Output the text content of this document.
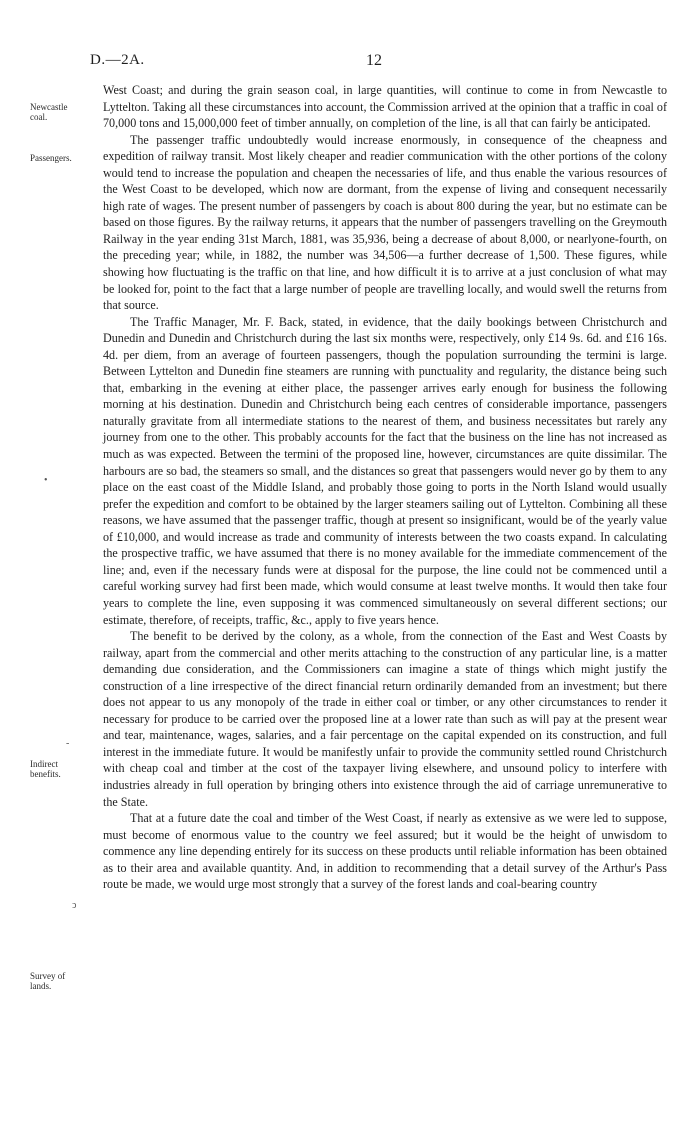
D.—2A.	12
Newcastle coal.
Passengers.
Indirect benefits.
Survey of lands.
•
-
ↄ

West Coast; and during the grain season coal, in large quantities, will continue to come in from Newcastle to Lyttelton. Taking all these circumstances into account, the Commission arrived at the opinion that a traffic in coal of 70,000 tons and 15,000,000 feet of timber annually, on completion of the line, is all that can fairly be anticipated.

The passenger traffic undoubtedly would increase enormously, in consequence of the cheapness and expedition of railway transit. Most likely cheaper and readier communication with the other portions of the colony would tend to increase the population and cheapen the necessaries of life, and thus enable the various resources of the West Coast to be developed, which now are dormant, from the expense of living and consequent necessarily high rate of wages. The present number of passengers by coach is about 800 during the year, but no estimate can be based on those figures. By the railway returns, it appears that the number of passengers travelling on the Greymouth Railway in the year ending 31st March, 1881, was 35,936, being a decrease of about 8,000, or nearlyone-fourth, on the preceding year; while, in 1882, the number was 34,506—a further decrease of 1,500. These figures, while showing how fluctuating is the traffic on that line, and how difficult it is to arrive at a just conclusion of what may be looked for, point to the fact that a large number of people are travelling locally, and would swell the returns from that source.

The Traffic Manager, Mr. F. Back, stated, in evidence, that the daily bookings between Christchurch and Dunedin and Dunedin and Christchurch during the last six months were, respectively, only £14 9s. 6d. and £16 16s. 4d. per diem, from an average of fourteen passengers, though the population surrounding the termini is large. Between Lyttelton and Dunedin fine steamers are running with punctuality and regularity, the distance being such that, embarking in the evening at either place, the passenger arrives early enough for business the following morning at his destination. Dunedin and Christchurch being each centres of considerable importance, passengers naturally gravitate from all intermediate stations to the nearest of them, and business necessitates but rarely any journey from one to the other. This probably accounts for the fact that the business on the line has not increased as much as was expected. Between the termini of the proposed line, however, circumstances are quite dissimilar. The harbours are so bad, the steamers so small, and the distances so great that passengers would never go by them to any place on the east coast of the Middle Island, and probably those going to ports in the North Island would usually prefer the expedition and comfort to be obtained by the larger steamers sailing out of Lyttelton. Combining all these reasons, we have assumed that the passenger traffic, though at present so insignificant, would be of the yearly value of £10,000, and would increase as trade and community of interests between the two coasts expand. In calculating the prospective traffic, we have assumed that there is no money available for the immediate commencement of the line; and, even if the necessary funds were at disposal for the purpose, the line could not be commenced until a careful working survey had first been made, which would consume at least twelve months. It would then take four years to complete the line, even supposing it was commenced simultaneously on several different sections; our estimate, therefore, of receipts, traffic, &c., apply to five years hence.

The benefit to be derived by the colony, as a whole, from the connection of the East and West Coasts by railway, apart from the commercial and other merits attaching to the construction of any particular line, is a matter demanding due consideration, and the Commissioners can imagine a state of things which might justify the construction of a line irrespective of the direct financial return ordinarily demanded from an investment; but there does not appear to us any monopoly of the trade in either coal or timber, or any other circumstances to render it necessary for produce to be carried over the proposed line at a lower rate than such as will pay at the present wear and tear, maintenance, wages, salaries, and a fair percentage on the capital expended on its construction, and full interest in the immediate future. It would be manifestly unfair to provide the community settled round Christchurch with cheap coal and timber at the cost of the taxpayer living elsewhere, and unsound policy to interfere with industries already in full operation by bringing others into existence through the aid of carriage unremunerative to the State.

That at a future date the coal and timber of the West Coast, if nearly as extensive as we were led to suppose, must become of enormous value to the country we feel assured; but it would be the height of unwisdom to commence any line depending entirely for its success on these products until reliable information has been obtained as to their area and available quantity. And, in addition to recommending that a detail survey of the Arthur's Pass route be made, we would urge most strongly that a survey of the forest lands and coal-bearing country
